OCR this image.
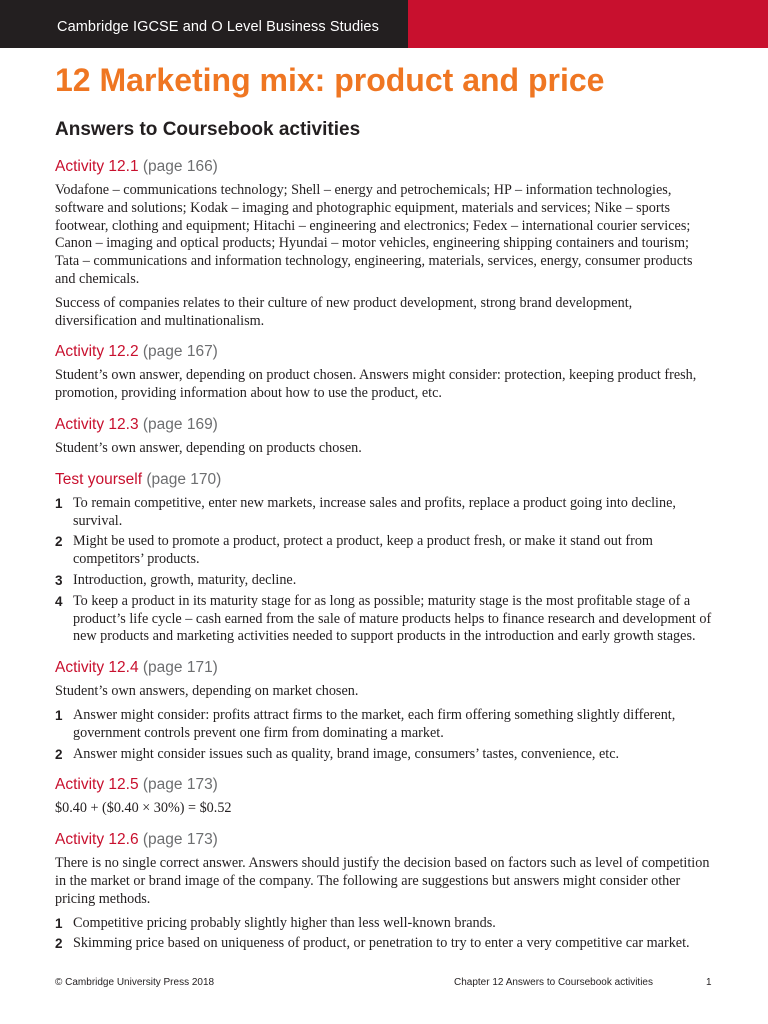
Cambridge IGCSE and O Level Business Studies
12 Marketing mix: product and price
Answers to Coursebook activities
Activity 12.1 (page 166)

Vodafone – communications technology; Shell – energy and petrochemicals; HP – information technologies, software and solutions; Kodak – imaging and photographic equipment, materials and services; Nike – sports footwear, clothing and equipment; Hitachi – engineering and electronics; Fedex – international courier services; Canon – imaging and optical products; Hyundai – motor vehicles, engineering shipping containers and tourism; Tata – communications and information technology, engineering, materials, services, energy, consumer products and chemicals.

Success of companies relates to their culture of new product development, strong brand development, diversification and multinationalism.

Activity 12.2 (page 167)

Student’s own answer, depending on product chosen. Answers might consider: protection, keeping product fresh, promotion, providing information about how to use the product, etc.

Activity 12.3 (page 169)

Student’s own answer, depending on products chosen.

Test yourself (page 170)
1 To remain competitive, enter new markets, increase sales and profits, replace a product going into decline, survival.
2 Might be used to promote a product, protect a product, keep a product fresh, or make it stand out from competitors’ products.
3 Introduction, growth, maturity, decline.
4 To keep a product in its maturity stage for as long as possible; maturity stage is the most profitable stage of a product’s life cycle – cash earned from the sale of mature products helps to finance research and development of new products and marketing activities needed to support products in the introduction and early growth stages.
Activity 12.4 (page 171)

Student’s own answers, depending on market chosen.

1 Answer might consider: profits attract firms to the market, each firm offering something slightly different, government controls prevent one firm from dominating a market.
2 Answer might consider issues such as quality, brand image, consumers’ tastes, convenience, etc.
Activity 12.5 (page 173)

$0.40 + ($0.40 × 30%) = $0.52

Activity 12.6 (page 173)

There is no single correct answer. Answers should justify the decision based on factors such as level of competition in the market or brand image of the company. The following are suggestions but answers might consider other pricing methods.

1 Competitive pricing probably slightly higher than less well-known brands.
2 Skimming price based on uniqueness of product, or penetration to try to enter a very competitive car market.
© Cambridge University Press 2018	Chapter 12 Answers to Coursebook activities	1
